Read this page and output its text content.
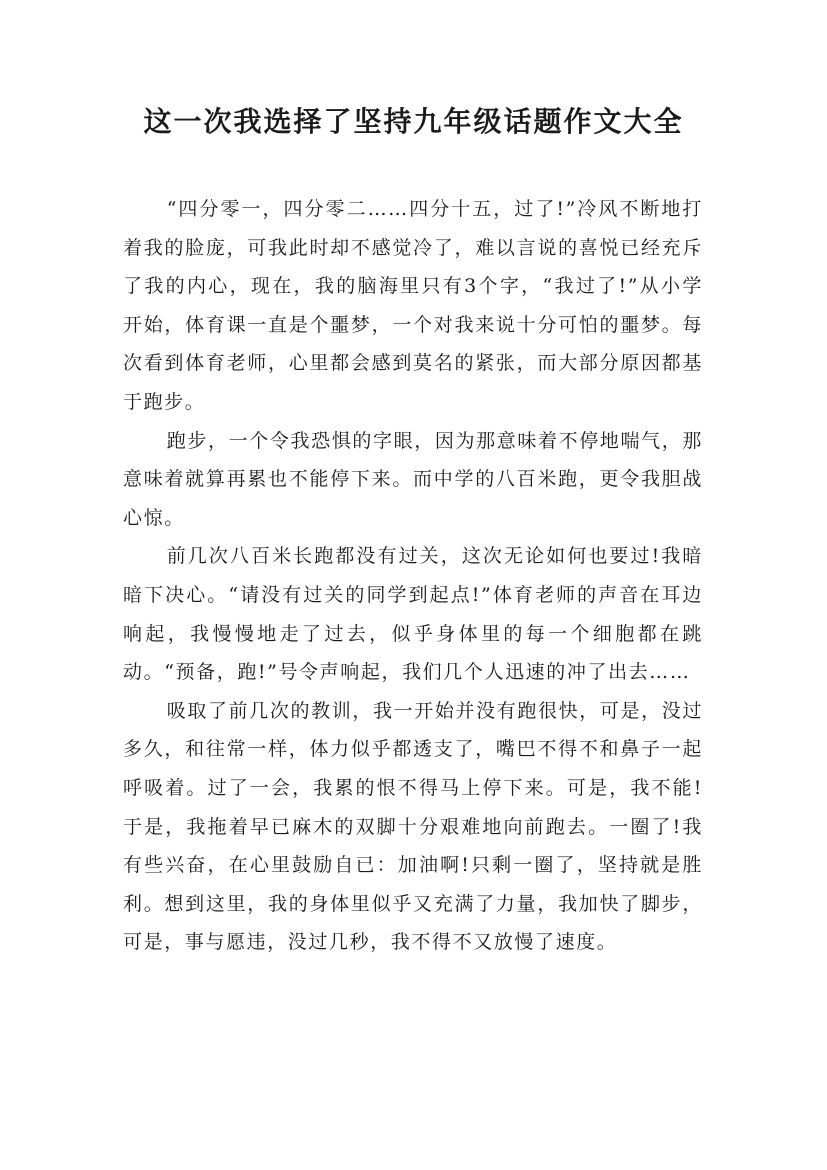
这一次我选择了坚持九年级话题作文大全

“四分零一，四分零二……四分十五，过了!”冷风不断地打着我的脸庞，可我此时却不感觉冷了，难以言说的喜悦已经充斥了我的内心，现在，我的脑海里只有3个字，“我过了!”从小学开始，体育课一直是个噩梦，一个对我来说十分可怕的噩梦。每次看到体育老师，心里都会感到莫名的紧张，而大部分原因都基于跑步。

跑步，一个令我恐惧的字眼，因为那意味着不停地喘气，那意味着就算再累也不能停下来。而中学的八百米跑，更令我胆战心惊。

前几次八百米长跑都没有过关，这次无论如何也要过!我暗暗下决心。“请没有过关的同学到起点!”体育老师的声音在耳边响起，我慢慢地走了过去，似乎身体里的每一个细胞都在跳动。“预备，跑!”号令声响起，我们几个人迅速的冲了出去……

吸取了前几次的教训，我一开始并没有跑很快，可是，没过多久，和往常一样，体力似乎都透支了，嘴巴不得不和鼻子一起呼吸着。过了一会，我累的恨不得马上停下来。可是，我不能!于是，我拖着早已麻木的双脚十分艰难地向前跑去。一圈了!我有些兴奋，在心里鼓励自已：加油啊!只剩一圈了，坚持就是胜利。想到这里，我的身体里似乎又充满了力量，我加快了脚步，可是，事与愿违，没过几秒，我不得不又放慢了速度。
